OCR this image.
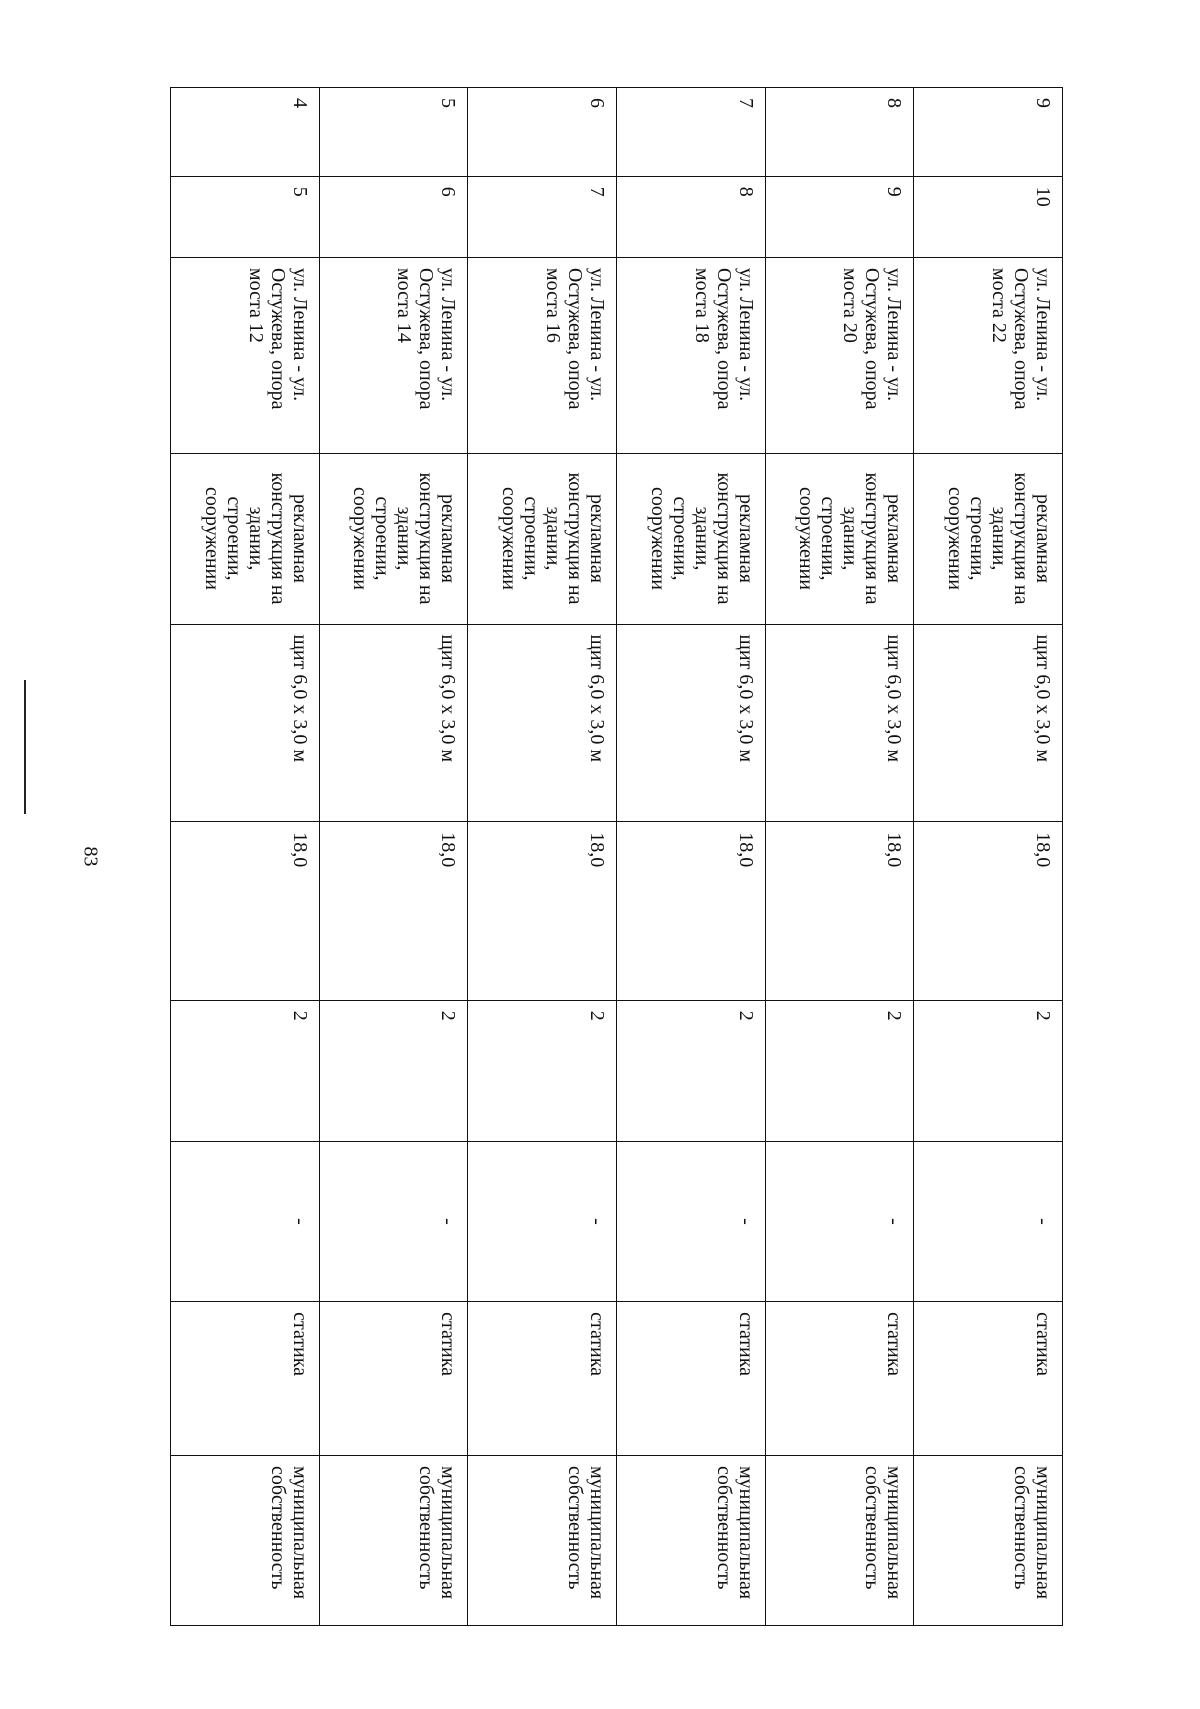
83
9	10	ул. Ленина - ул. Остужева, опора моста 22	рекламная конструкция на здании, строении, сооружении	щит 6,0 х 3,0 м	18,0	2	-	статика	муниципальная собственность
8	9	ул. Ленина - ул. Остужева, опора моста 20	рекламная конструкция на здании, строении, сооружении	щит 6,0 х 3,0 м	18,0	2	-	статика	муниципальная собственность
7	8	ул. Ленина - ул. Остужева, опора моста 18	рекламная конструкция на здании, строении, сооружении	щит 6,0 х 3,0 м	18,0	2	-	статика	муниципальная собственность
6	7	ул. Ленина - ул. Остужева, опора моста 16	рекламная конструкция на здании, строении, сооружении	щит 6,0 х 3,0 м	18,0	2	-	статика	муниципальная собственность
5	6	ул. Ленина - ул. Остужева, опора моста 14	рекламная конструкция на здании, строении, сооружении	щит 6,0 х 3,0 м	18,0	2	-	статика	муниципальная собственность
4	5	ул. Ленина - ул. Остужева, опора моста 12	рекламная конструкция на здании, строении, сооружении	щит 6,0 х 3,0 м	18,0	2	-	статика	муниципальная собственность
